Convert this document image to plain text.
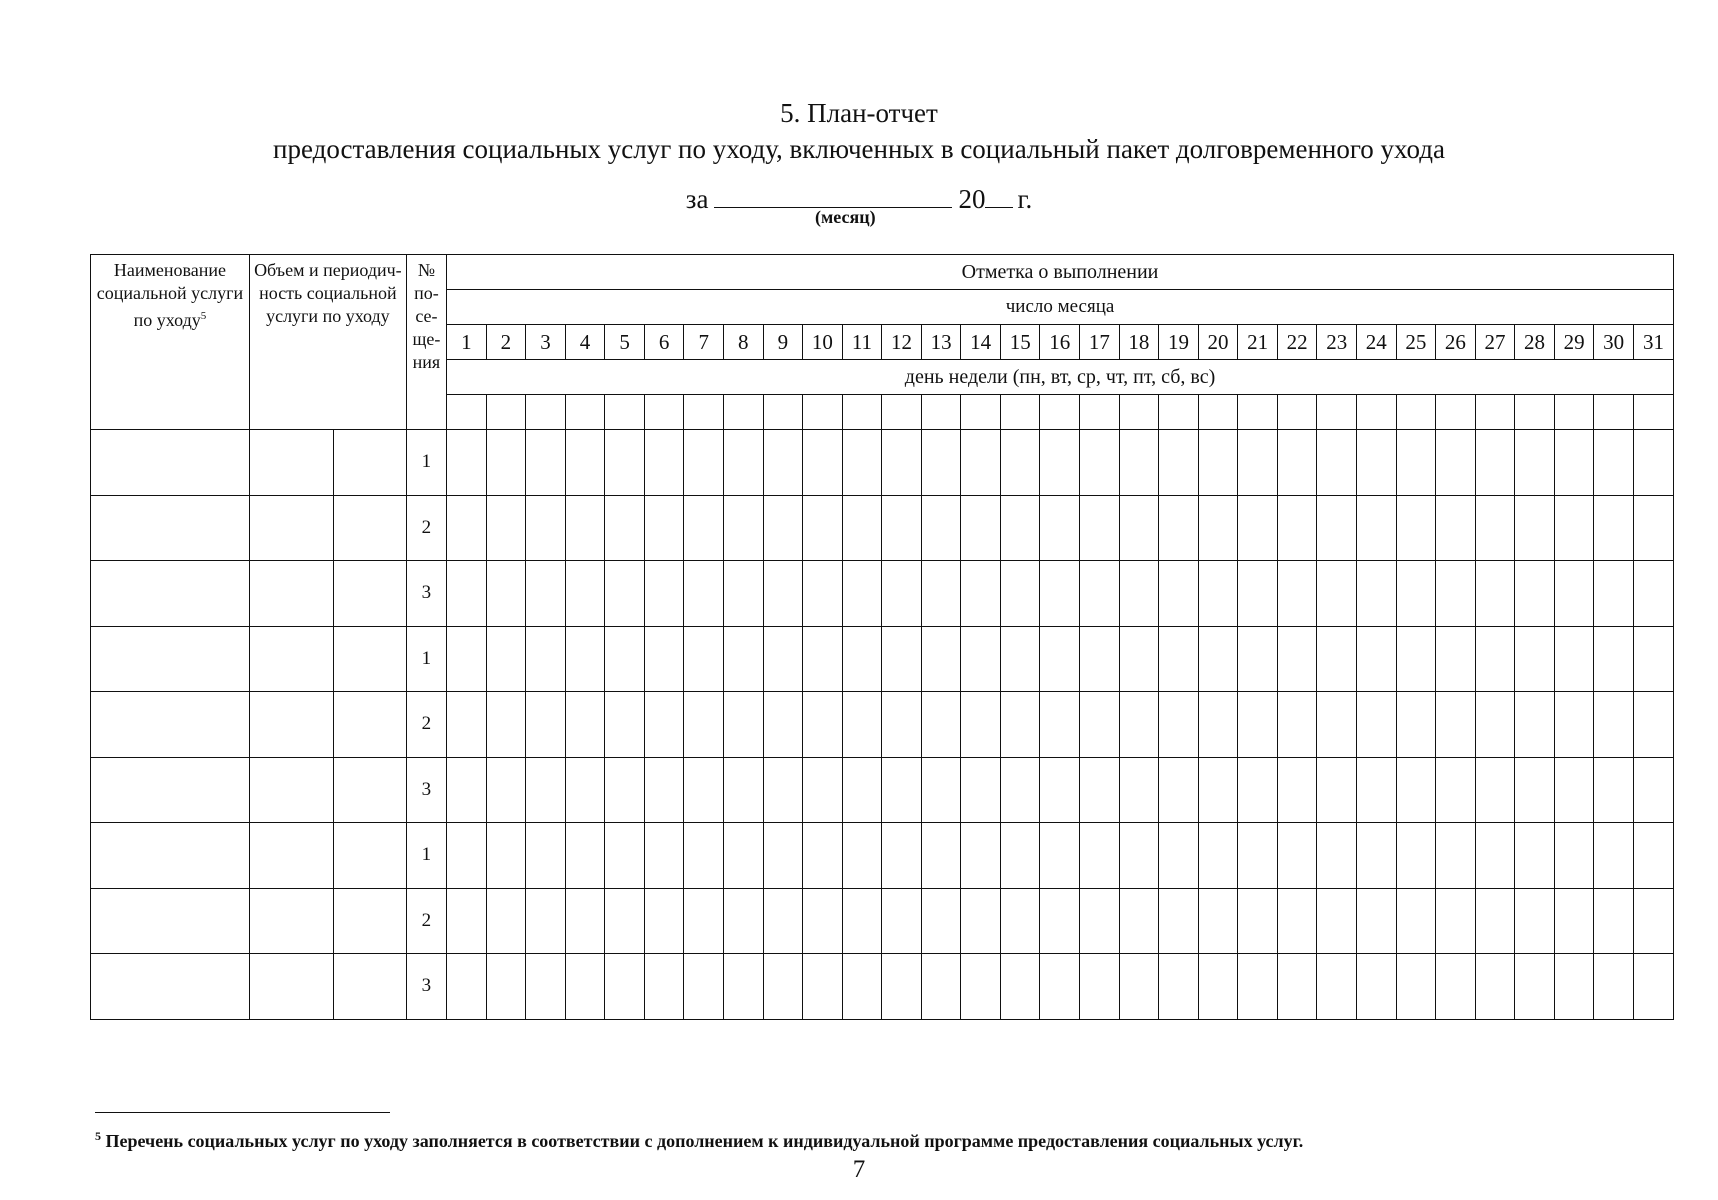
5. План-отчет
предоставления социальных услуг по уходу, включенных в социальный пакет долговременного ухода
за	20 г.
(месяц)
Наименование социальной услуги по уходу$^5$	Объем и периодич-ность социальной услуги по уходу		№ по-се-ще-ния	Отметка о выполнении																														
				число месяца																														
				1	2	3	4	5	6	7	8	9	10	11	12	13	14	15	16	17	18	19	20	21	22	23	24	25	26	27	28	29	30	31
				день недели (пн, вт, ср, чт, пт, сб, вс)																														

			1																															
			2																															
			3																															
			1																															
			2																															
			3																															
			1																															
			2																															
			3																															
$^5$ Перечень социальных услуг по уходу заполняется в соответствии с дополнением к индивидуальной программе предоставления социальных услуг.
7
